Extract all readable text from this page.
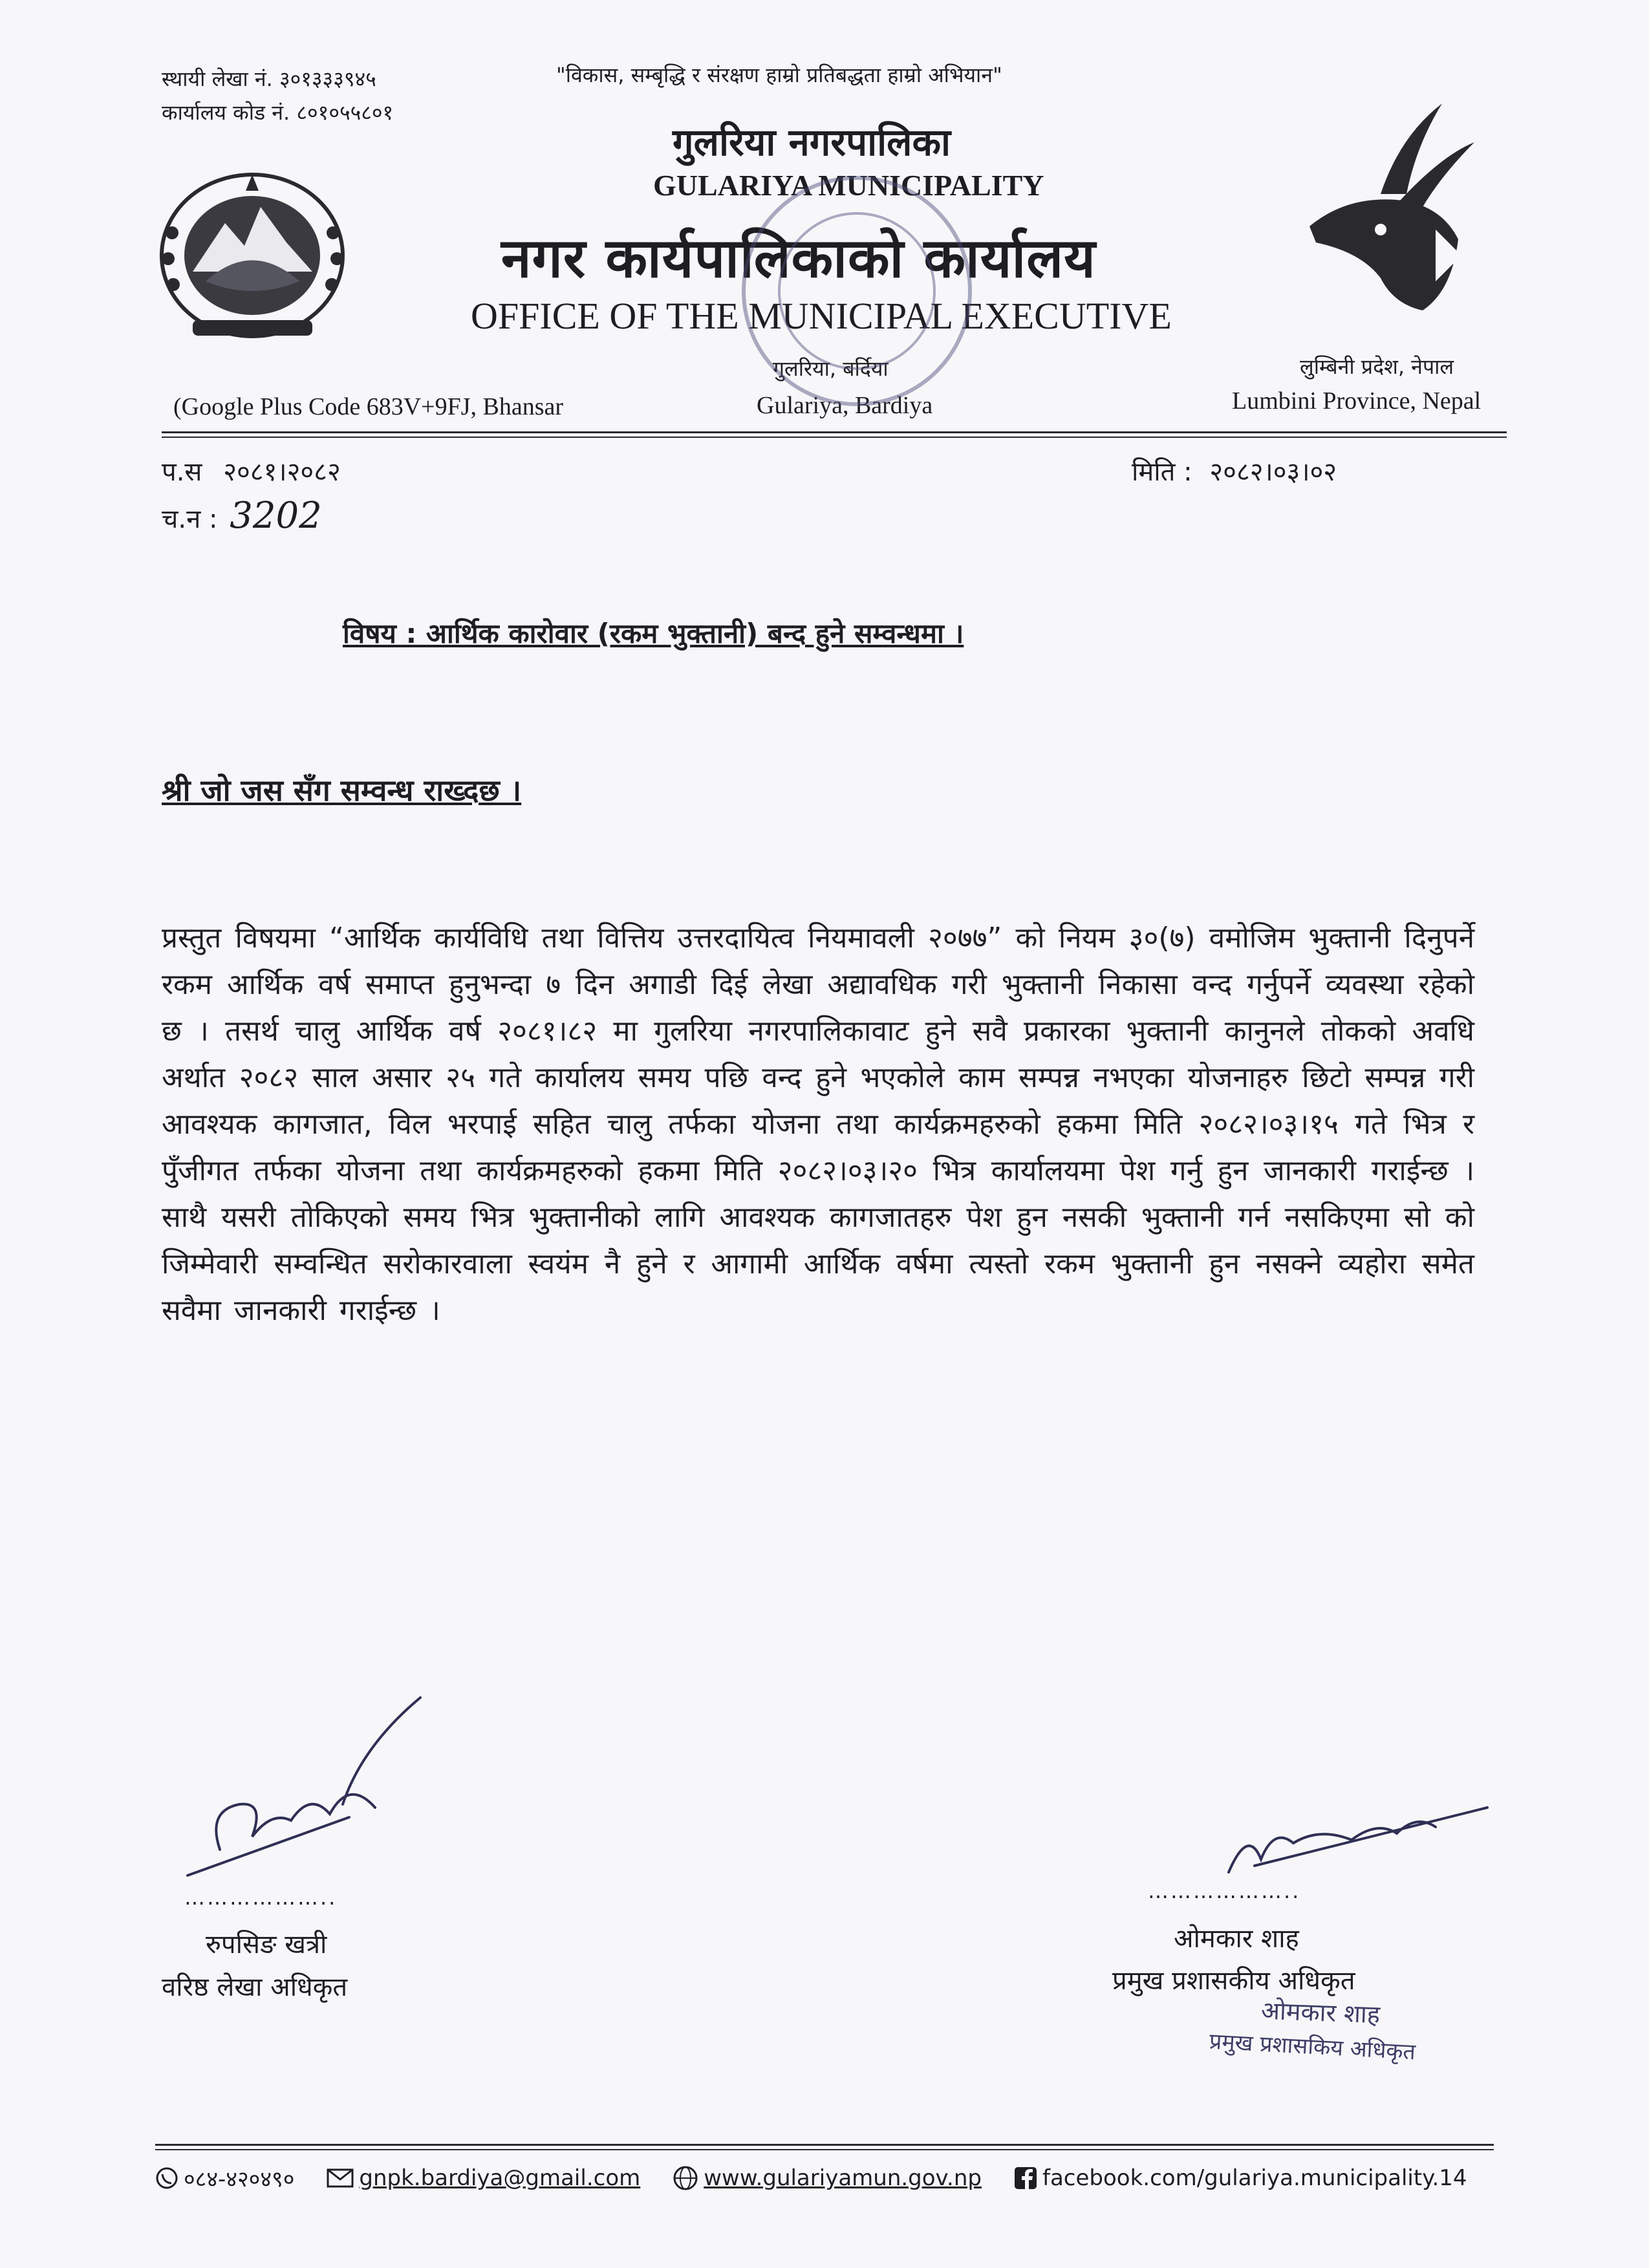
स्थायी लेखा नं. ३०१३३३९४५
कार्यालय कोड नं. ८०१०५५८०१
"विकास, सम्बृद्धि र संरक्षण हाम्रो प्रतिबद्धता हाम्रो अभियान"
गुलरिया नगरपालिका
GULARIYA MUNICIPALITY
नगर कार्यपालिकाको कार्यालय
OFFICE OF THE MUNICIPAL EXECUTIVE
गुलरिया, बर्दिया
Gulariya, Bardiya
(Google Plus Code 683V+9FJ, Bhansar
लुम्बिनी प्रदेश, नेपाल
Lumbini Province, Nepal
प.स २०८१।२०८२
च.न : 3202
मिति : २०८२।०३।०२
विषय : आर्थिक कारोवार (रकम भुक्तानी) बन्द हुने सम्वन्धमा ।
श्री जो जस सँग सम्वन्ध राख्दछ ।
प्रस्तुत विषयमा “आर्थिक कार्यविधि तथा वित्तिय उत्तरदायित्व नियमावली २०७७” को नियम ३०(७) वमोजिम भुक्तानी दिनुपर्ने रकम आर्थिक वर्ष समाप्त हुनुभन्दा ७ दिन अगाडी दिई लेखा अद्यावधिक गरी भुक्तानी निकासा वन्द गर्नुपर्ने व्यवस्था रहेको छ । तसर्थ चालु आर्थिक वर्ष २०८१।८२ मा गुलरिया नगरपालिकावाट हुने सवै प्रकारका भुक्तानी कानुनले तोकको अवधि अर्थात २०८२ साल असार २५ गते कार्यालय समय पछि वन्द हुने भएकोले काम सम्पन्न नभएका योजनाहरु छिटो सम्पन्न गरी आवश्यक कागजात, विल भरपाई सहित चालु तर्फका योजना तथा कार्यक्रमहरुको हकमा मिति २०८२।०३।१५ गते भित्र र पुँजीगत तर्फका योजना तथा कार्यक्रमहरुको हकमा मिति २०८२।०३।२० भित्र कार्यालयमा पेश गर्नु हुन जानकारी गराईन्छ । साथै यसरी तोकिएको समय भित्र भुक्तानीको लागि आवश्यक कागजातहरु पेश हुन नसकी भुक्तानी गर्न नसकिएमा सो को जिम्मेवारी सम्वन्धित सरोकारवाला स्वयंम नै हुने र आगामी आर्थिक वर्षमा त्यस्तो रकम भुक्तानी हुन नसक्ने व्यहोरा समेत सवैमा जानकारी गराईन्छ ।
………………..
रुपसिङ खत्री
वरिष्ठ लेखा अधिकृत
………………..
ओमकार शाह
प्रमुख प्रशासकीय अधिकृत
ओमकार शाह
प्रमुख प्रशासकिय अधिकृत
०८४-४२०४९०	gnpk.bardiya@gmail.com	www.gulariyamun.gov.np	facebook.com/gulariya.municipality.14
